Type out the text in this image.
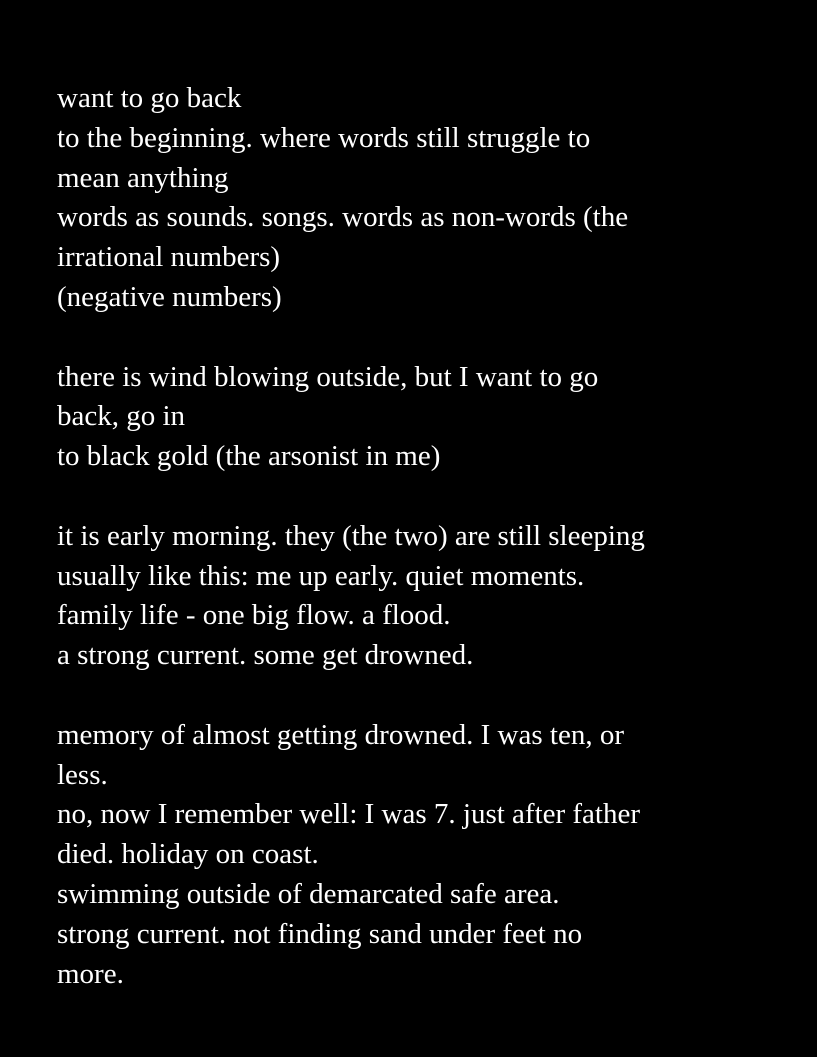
want to go back
to the beginning. where words still struggle to
mean anything
words as sounds. songs. words as non-words (the
irrational numbers)
(negative numbers)
there is wind blowing outside, but I want to go
back, go in
to black gold (the arsonist in me)
it is early morning. they (the two) are still sleeping
usually like this: me up early. quiet moments.
family life - one big flow. a flood.
a strong current. some get drowned.
memory of almost getting drowned. I was ten, or
less.
no, now I remember well: I was 7. just after father
died. holiday on coast.
swimming outside of demarcated safe area.
strong current. not finding sand under feet no
more.
